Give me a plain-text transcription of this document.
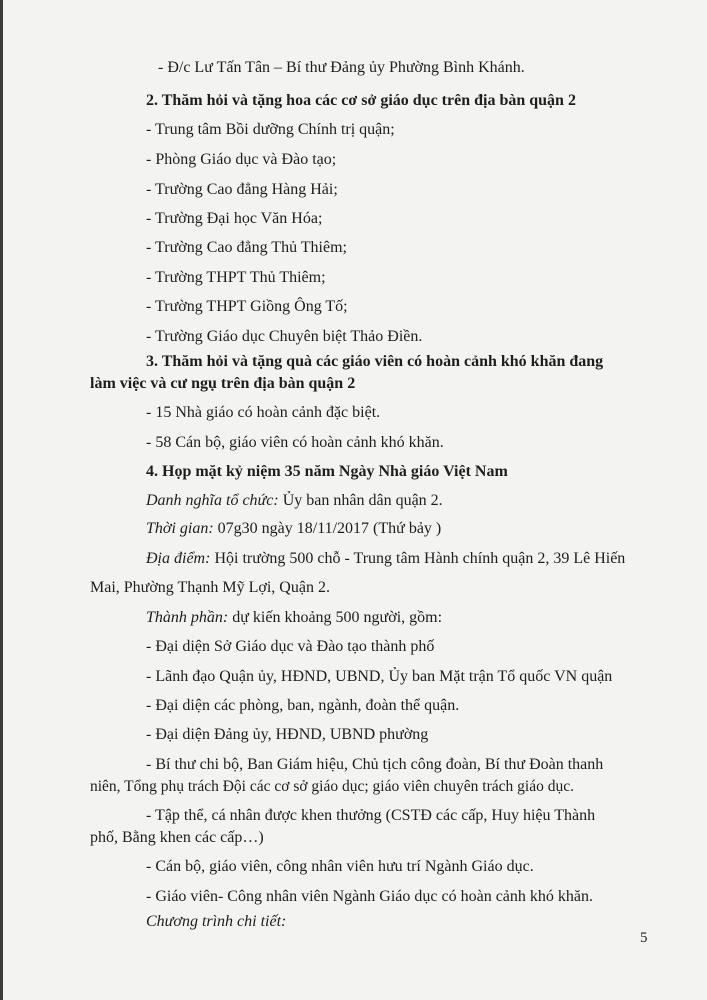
- Đ/c Lư Tấn Tân – Bí thư Đảng ủy Phường Bình Khánh.
2. Thăm hỏi và tặng hoa các cơ sở giáo dục trên địa bàn quận 2
- Trung tâm Bồi dưỡng Chính trị quận;
- Phòng Giáo dục và Đào tạo;
- Trường Cao đẳng Hàng Hải;
- Trường Đại học Văn Hóa;
- Trường Cao đẳng Thủ Thiêm;
- Trường THPT Thủ Thiêm;
- Trường THPT Giồng Ông Tố;
- Trường Giáo dục Chuyên biệt Thảo Điền.
3. Thăm hỏi và tặng quà các giáo viên có hoàn cảnh khó khăn đang
làm việc và cư ngụ trên địa bàn quận 2
- 15 Nhà giáo có hoàn cảnh đặc biệt.
- 58 Cán bộ, giáo viên có hoàn cảnh khó khăn.
4. Họp mặt kỷ niệm 35 năm Ngày Nhà giáo Việt Nam
Danh nghĩa tổ chức: Ủy ban nhân dân quận 2.
Thời gian: 07g30 ngày 18/11/2017 (Thứ bảy )
Địa điểm: Hội trường 500 chỗ - Trung tâm Hành chính quận 2, 39 Lê Hiến
Mai, Phường Thạnh Mỹ Lợi, Quận 2.
Thành phần: dự kiến khoảng 500 người, gồm:
- Đại diện Sở Giáo dục và Đào tạo thành phố
- Lãnh đạo Quận ủy, HĐND, UBND, Ủy ban Mặt trận Tổ quốc VN quận
- Đại diện các phòng, ban, ngành, đoàn thể quận.
- Đại diện Đảng ủy, HĐND, UBND phường
- Bí thư chi bộ, Ban Giám hiệu, Chủ tịch công đoàn, Bí thư Đoàn thanh
niên, Tổng phụ trách Đội các cơ sở giáo dục; giáo viên chuyên trách giáo dục.
- Tập thể, cá nhân được khen thưởng (CSTĐ các cấp, Huy hiệu Thành
phố, Bằng khen các cấp…)
- Cán bộ, giáo viên, công nhân viên hưu trí Ngành Giáo dục.
- Giáo viên- Công nhân viên Ngành Giáo dục có hoàn cảnh khó khăn.
Chương trình chi tiết:
5
